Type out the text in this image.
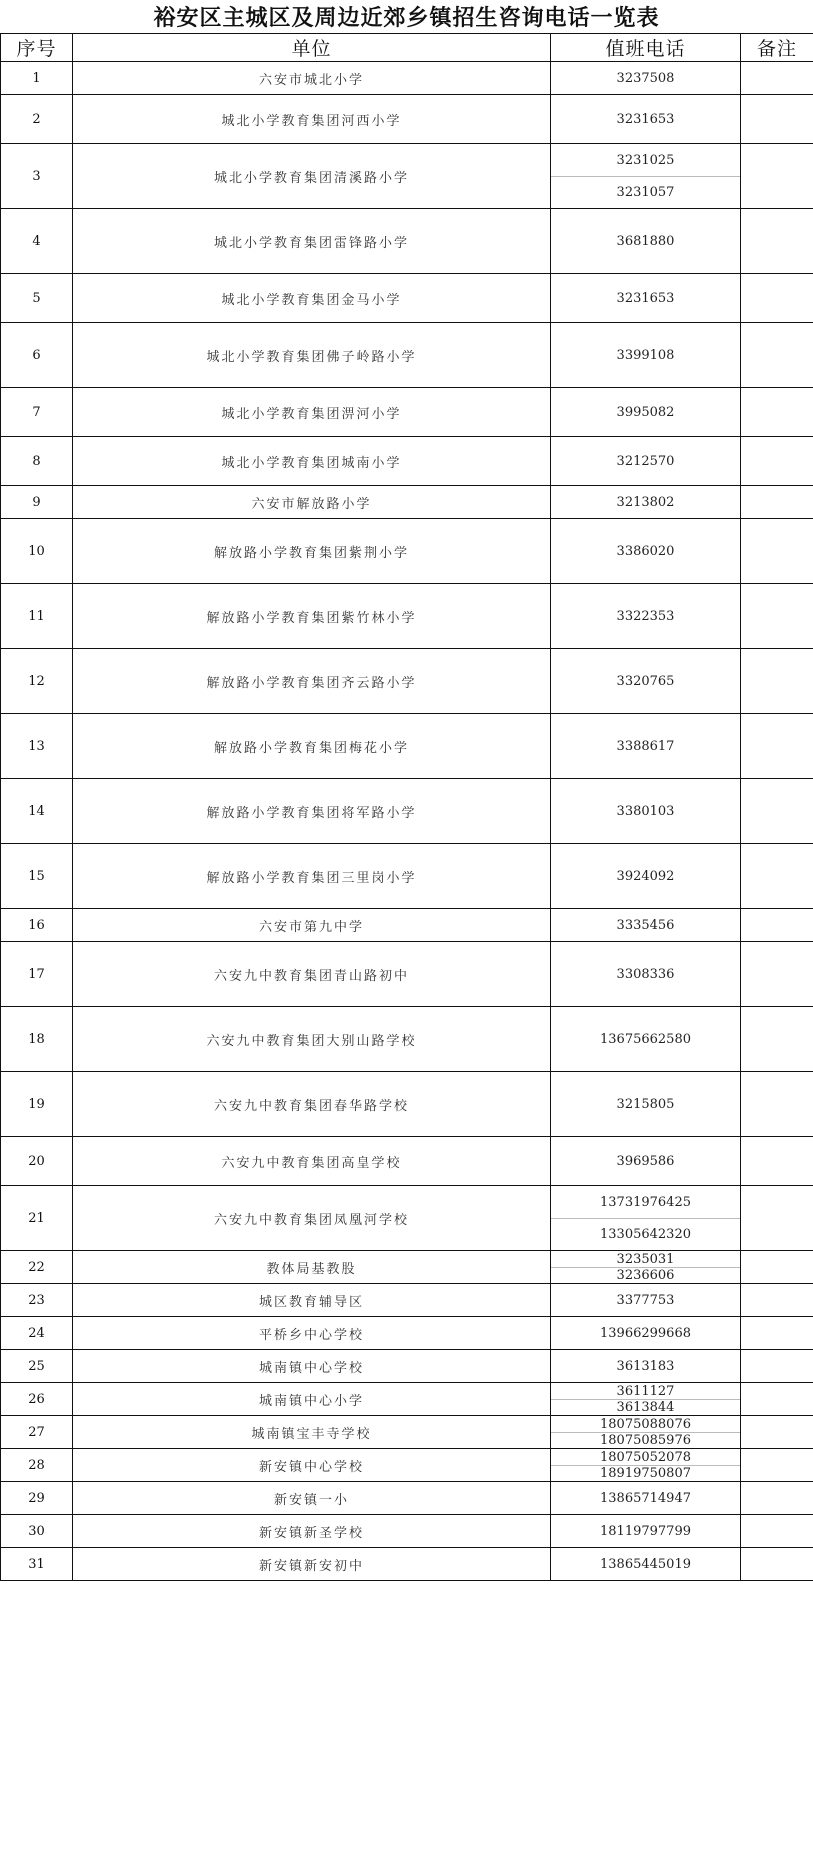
裕安区主城区及周边近郊乡镇招生咨询电话一览表
序号	单位	值班电话	备注
1	六安市城北小学	3237508	

2	城北小学教育集团河西小学	3231653	

3	城北小学教育集团清溪路小学	3231025
3231057	

4	城北小学教育集团雷锋路小学	3681880	

5	城北小学教育集团金马小学	3231653	

6	城北小学教育集团佛子岭路小学	3399108	

7	城北小学教育集团淠河小学	3995082	

8	城北小学教育集团城南小学	3212570	

9	六安市解放路小学	3213802	

10	解放路小学教育集团紫荆小学	3386020	

11	解放路小学教育集团紫竹林小学	3322353	

12	解放路小学教育集团齐云路小学	3320765	

13	解放路小学教育集团梅花小学	3388617	

14	解放路小学教育集团将军路小学	3380103	

15	解放路小学教育集团三里岗小学	3924092	

16	六安市第九中学	3335456	

17	六安九中教育集团青山路初中	3308336	

18	六安九中教育集团大别山路学校	13675662580	

19	六安九中教育集团春华路学校	3215805	

20	六安九中教育集团高皇学校	3969586	

21	六安九中教育集团凤凰河学校	13731976425
13305642320	

22	教体局基教股	3235031
3236606	

23	城区教育辅导区	3377753	

24	平桥乡中心学校	13966299668	

25	城南镇中心学校	3613183	

26	城南镇中心小学	3611127
3613844	

27	城南镇宝丰寺学校	18075088076
18075085976	

28	新安镇中心学校	18075052078
18919750807	

29	新安镇一小	13865714947	

30	新安镇新圣学校	18119797799	

31	新安镇新安初中	13865445019	
